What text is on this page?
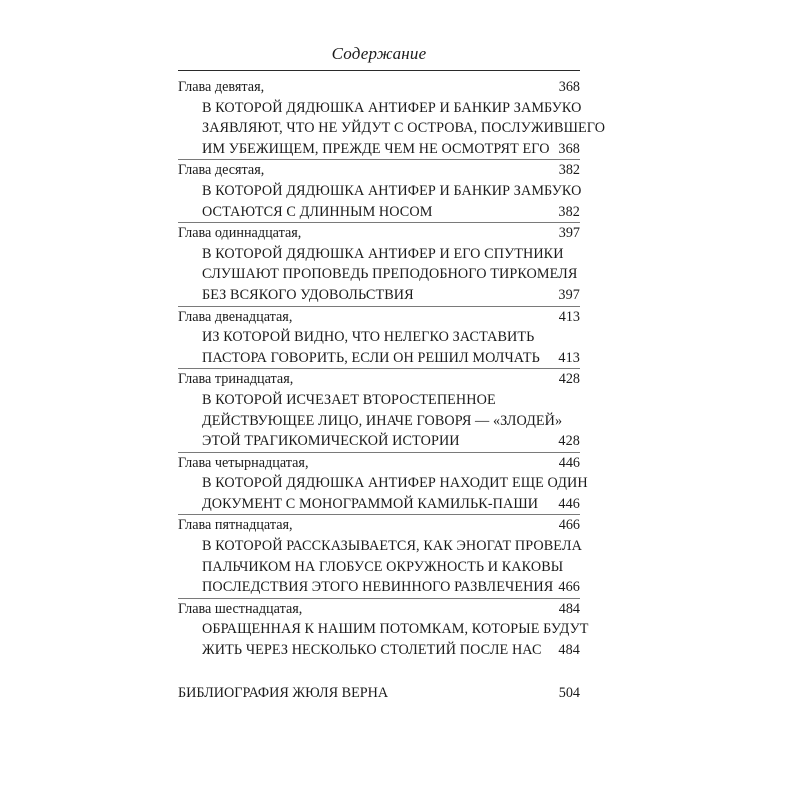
Содержание
Глава девятая,	368
В КОТОРОЙ ДЯДЮШКА АНТИФЕР И БАНКИР ЗАМБУКО
ЗАЯВЛЯЮТ, ЧТО НЕ УЙДУТ С ОСТРОВА, ПОСЛУЖИВШЕГО
ИМ УБЕЖИЩЕМ, ПРЕЖДЕ ЧЕМ НЕ ОСМОТРЯТ ЕГО 368
Глава десятая,	382
В КОТОРОЙ ДЯДЮШКА АНТИФЕР И БАНКИР ЗАМБУКО
ОСТАЮТСЯ С ДЛИННЫМ НОСОМ	382
Глава одиннадцатая,	397
В КОТОРОЙ ДЯДЮШКА АНТИФЕР И ЕГО СПУТНИКИ
СЛУШАЮТ ПРОПОВЕДЬ ПРЕПОДОБНОГО ТИРКОМЕЛЯ
БЕЗ ВСЯКОГО УДОВОЛЬСТВИЯ	397
Глава двенадцатая,	413
ИЗ КОТОРОЙ ВИДНО, ЧТО НЕЛЕГКО ЗАСТАВИТЬ
ПАСТОРА ГОВОРИТЬ, ЕСЛИ ОН РЕШИЛ МОЛЧАТЬ 413
Глава тринадцатая,	428
В КОТОРОЙ ИСЧЕЗАЕТ ВТОРОСТЕПЕННОЕ
ДЕЙСТВУЮЩЕЕ ЛИЦО, ИНАЧЕ ГОВОРЯ — «ЗЛОДЕЙ»
ЭТОЙ ТРАГИКОМИЧЕСКОЙ ИСТОРИИ	428
Глава четырнадцатая,	446
В КОТОРОЙ ДЯДЮШКА АНТИФЕР НАХОДИТ ЕЩЕ ОДИН
ДОКУМЕНТ С МОНОГРАММОЙ КАМИЛЬК-ПАШИ 446
Глава пятнадцатая,	466
В КОТОРОЙ РАССКАЗЫВАЕТСЯ, КАК ЭНОГАТ ПРОВЕЛА
ПАЛЬЧИКОМ НА ГЛОБУСЕ ОКРУЖНОСТЬ И КАКОВЫ
ПОСЛЕДСТВИЯ ЭТОГО НЕВИННОГО РАЗВЛЕЧЕНИЯ 466
Глава шестнадцатая,	484
ОБРАЩЕННАЯ К НАШИМ ПОТОМКАМ, КОТОРЫЕ БУДУТ
ЖИТЬ ЧЕРЕЗ НЕСКОЛЬКО СТОЛЕТИЙ ПОСЛЕ НАС 484
БИБЛИОГРАФИЯ ЖЮЛЯ ВЕРНА	504
